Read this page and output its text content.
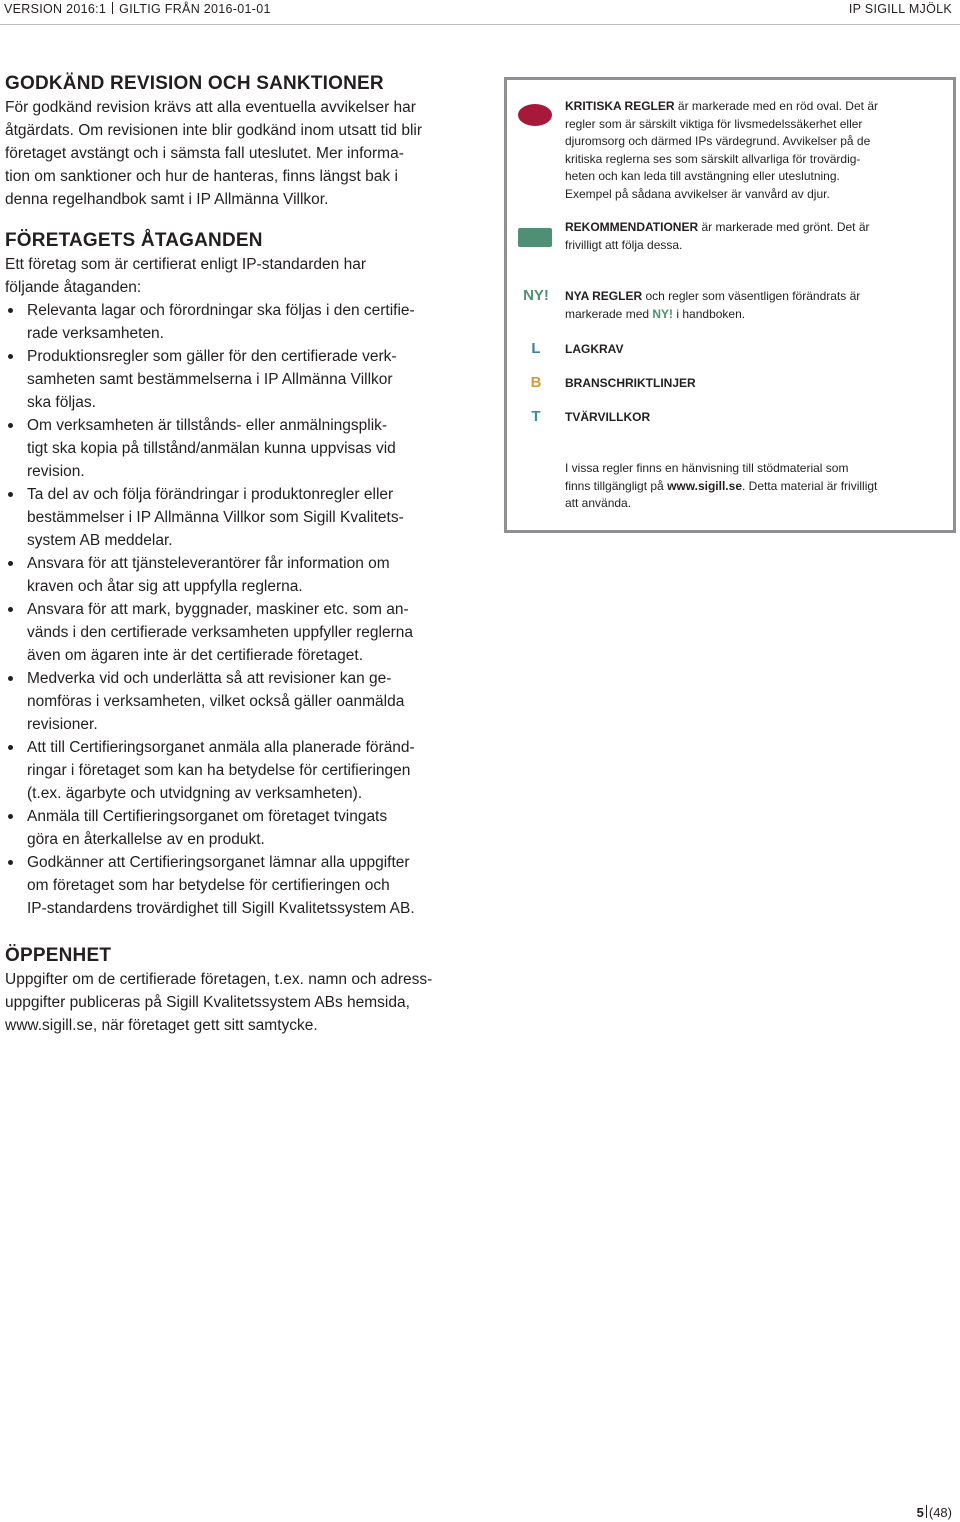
VERSION 2016:1 GILTIG FRÅN 2016-01-01	IP SIGILL MJÖLK
GODKÄND REVISION OCH SANKTIONER

För godkänd revision krävs att alla eventuella avvikelser har
åtgärdats. Om revisionen inte blir godkänd inom utsatt tid blir
företaget avstängt och i sämsta fall uteslutet. Mer informa-
tion om sanktioner och hur de hanteras, finns längst bak i
denna regelhandbok samt i IP Allmänna Villkor.

FÖRETAGETS ÅTAGANDEN

Ett företag som är certifierat enligt IP-standarden har
följande åtaganden:

Relevanta lagar och förordningar ska följas i den certifie-
rade verksamheten.
Produktionsregler som gäller för den certifierade verk-
samheten samt bestämmelserna i IP Allmänna Villkor
ska följas.
Om verksamheten är tillstånds- eller anmälningsplik-
tigt ska kopia på tillstånd/anmälan kunna uppvisas vid
revision.
Ta del av och följa förändringar i produktonregler eller
bestämmelser i IP Allmänna Villkor som Sigill Kvalitets-
system AB meddelar.
Ansvara för att tjänsteleverantörer får information om
kraven och åtar sig att uppfylla reglerna.
Ansvara för att mark, byggnader, maskiner etc. som an-
vänds i den certifierade verksamheten uppfyller reglerna
även om ägaren inte är det certifierade företaget.
Medverka vid och underlätta så att revisioner kan ge-
nomföras i verksamheten, vilket också gäller oanmälda
revisioner.
Att till Certifieringsorganet anmäla alla planerade föränd-
ringar i företaget som kan ha betydelse för certifieringen
(t.ex. ägarbyte och utvidgning av verksamheten).
Anmäla till Certifieringsorganet om företaget tvingats
göra en återkallelse av en produkt.
Godkänner att Certifieringsorganet lämnar alla uppgifter
om företaget som har betydelse för certifieringen och
IP-standardens trovärdighet till Sigill Kvalitetssystem AB.
ÖPPENHET

Uppgifter om de certifierade företagen, t.ex. namn och adress-
uppgifter publiceras på Sigill Kvalitetssystem ABs hemsida,
www.sigill.se, när företaget gett sitt samtycke.

KRITISKA REGLER är markerade med en röd oval. Det är
regler som är särskilt viktiga för livsmedelssäkerhet eller
djuromsorg och därmed IPs värdegrund. Avvikelser på de
kritiska reglerna ses som särskilt allvarliga för trovärdig-
heten och kan leda till avstängning eller uteslutning.
Exempel på sådana avvikelser är vanvård av djur.
REKOMMENDATIONER är markerade med grönt. Det är
frivilligt att följa dessa.
NY!	NYA REGLER och regler som väsentligen förändrats är
markerade med NY! i handboken.
L	LAGKRAV
B	BRANSCHRIKTLINJER
T	TVÄRVILLKOR
I vissa regler finns en hänvisning till stödmaterial som
finns tillgängligt på www.sigill.se. Detta material är frivilligt
att använda.
5 (48)
